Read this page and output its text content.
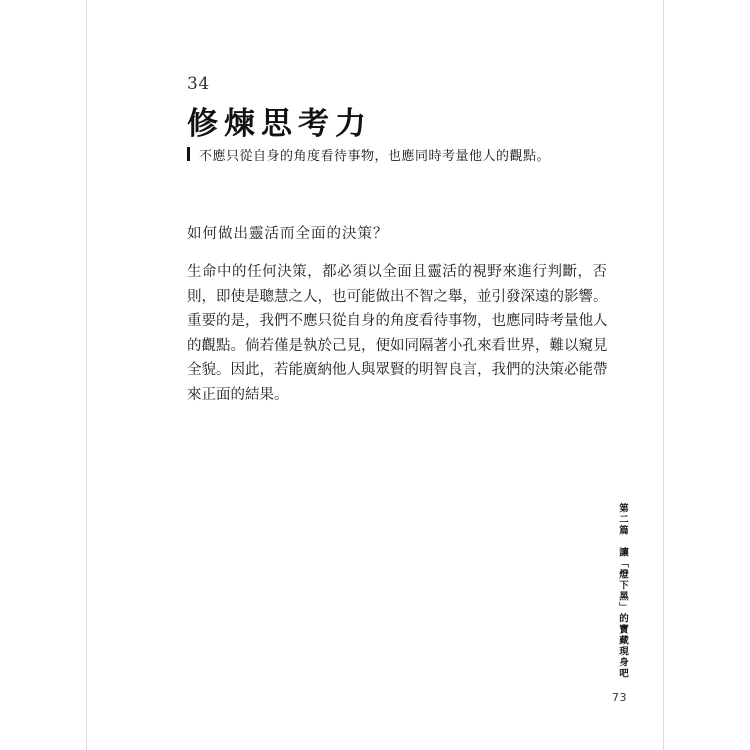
34
修煉思考力
不應只從自身的角度看待事物，也應同時考量他人的觀點。
如何做出靈活而全面的決策？
生命中的任何決策，都必須以全面且靈活的視野來進行判斷，否
則，即使是聰慧之人，也可能做出不智之舉，並引發深遠的影響。
重要的是，我們不應只從自身的角度看待事物，也應同時考量他人
的觀點。倘若僅是執於己見，便如同隔著小孔來看世界，難以窺見
全貌。因此，若能廣納他人與眾賢的明智良言，我們的決策必能帶
來正面的結果。
第二篇　讓「燈下黑」的寶藏現身吧
73
